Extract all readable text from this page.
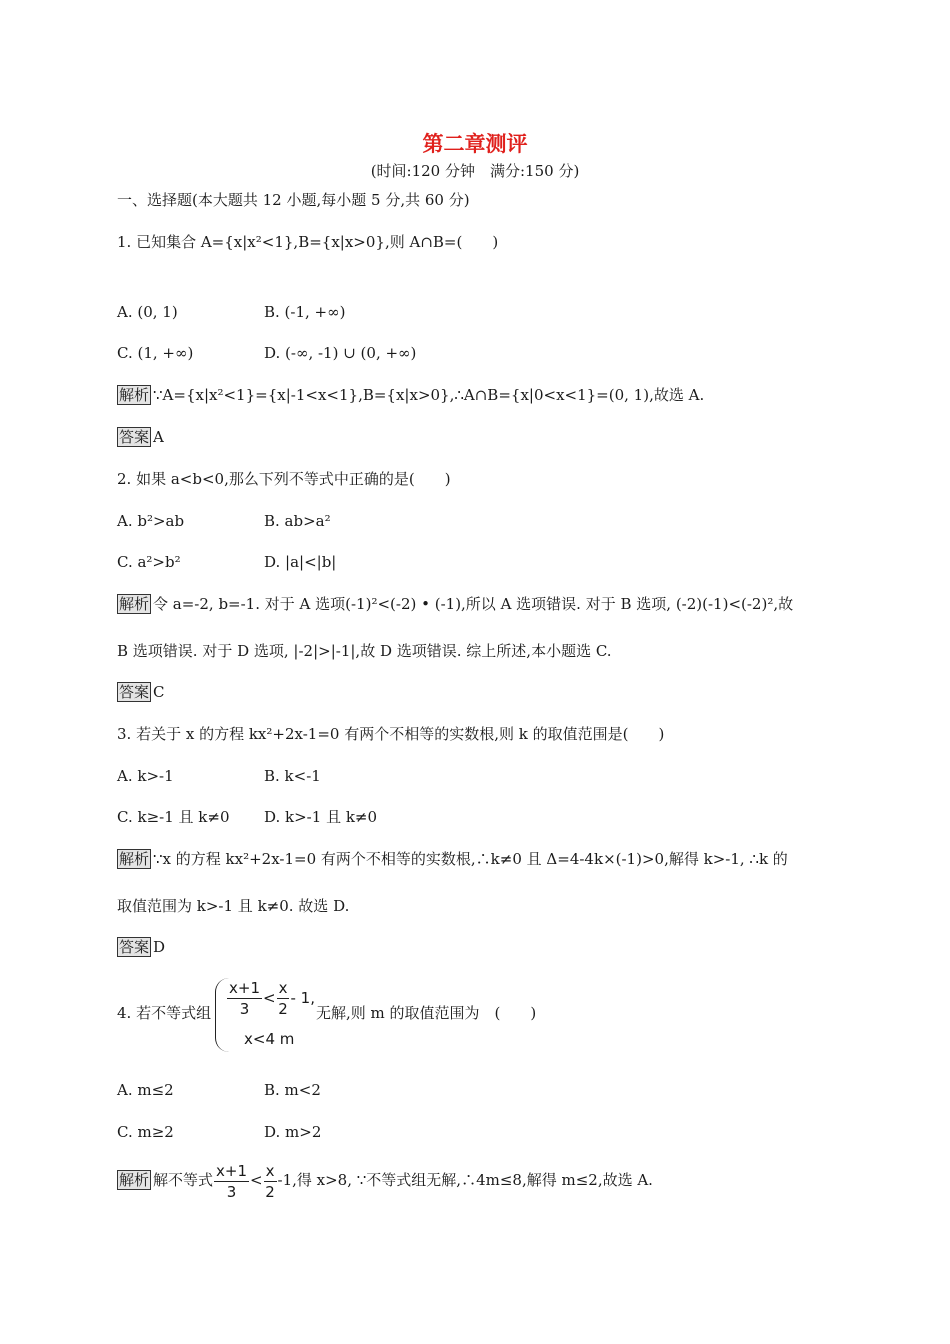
第二章测评
(时间:120 分钟　满分:150 分)
一、选择题(本大题共 12 小题,每小题 5 分,共 60 分)
1. 已知集合 A={x|x²<1},B={x|x>0},则 A∩B=(　　)
A. (0, 1)	B. (-1, +∞)
C. (1, +∞)	D. (-∞, -1) ∪ (0, +∞)
解析 ∵A={x|x²<1}={x|-1<x<1},B={x|x>0},∴A∩B={x|0<x<1}=(0, 1),故选 A.
答案 A
2. 如果 a<b<0,那么下列不等式中正确的是(　　)
A. b²>ab	B. ab>a²
C. a²>b²	D. |a|<|b|
解析 令 a=-2, b=-1. 对于 A 选项(-1)²<(-2) • (-1),所以 A 选项错误. 对于 B 选项, (-2)(-1)<(-2)²,故
B 选项错误. 对于 D 选项, |-2|>|-1|,故 D 选项错误. 综上所述,本小题选 C.
答案 C
3. 若关于 x 的方程 kx²+2x-1=0 有两个不相等的实数根,则 k 的取值范围是(　　)
A. k>-1	B. k<-1
C. k≥-1 且 k≠0 D. k>-1 且 k≠0
解析 ∵x 的方程 kx²+2x-1=0 有两个不相等的实数根,∴k≠0 且 Δ=4-4k×(-1)>0,解得 k>-1, ∴k 的
取值范围为 k>-1 且 k≠0. 故选 D.
答案 D
4. 若不等式组 $\frac{x+1}{3} < \frac{x}{2} - 1$,
x<4 m
无解,则 m 的取值范围为　(　　)
A. m≤2	B. m<2
C. m≥2	D. m>2
解析 解不等式 $\frac{x+1}{3} < \frac{x}{2} -1$,得 x>8, ∵不等式组无解,∴4m≤8,解得 m≤2,故选 A.
